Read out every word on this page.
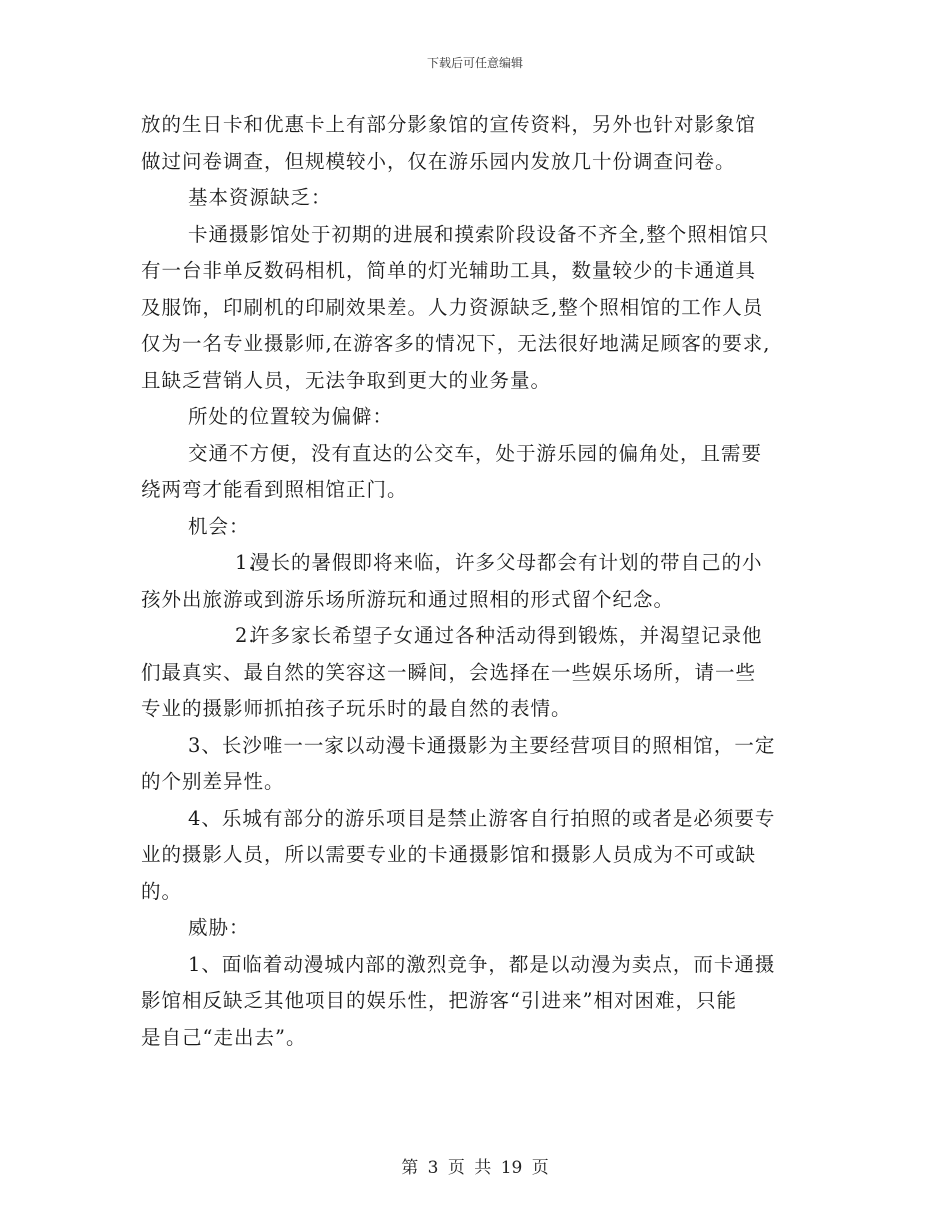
下载后可任意编辑

放的生日卡和优惠卡上有部分影象馆的宣传资料，另外也针对影象馆
做过问卷调查，但规模较小，仅在游乐园内发放几十份调查问卷。

基本资源缺乏：

卡通摄影馆处于初期的进展和摸索阶段设备不齐全,整个照相馆只
有一台非单反数码相机，简单的灯光辅助工具，数量较少的卡通道具
及服饰，印刷机的印刷效果差。人力资源缺乏,整个照相馆的工作人员
仅为一名专业摄影师,在游客多的情况下，无法很好地满足顾客的要求,
且缺乏营销人员，无法争取到更大的业务量。

所处的位置较为偏僻：

交通不方便，没有直达的公交车，处于游乐园的偏角处，且需要
绕两弯才能看到照相馆正门。

机会：

1.漫长的暑假即将来临，许多父母都会有计划的带自己的小
孩外出旅游或到游乐场所游玩和通过照相的形式留个纪念。

2.许多家长希望子女通过各种活动得到锻炼，并渴望记录他
们最真实、最自然的笑容这一瞬间，会选择在一些娱乐场所，请一些
专业的摄影师抓拍孩子玩乐时的最自然的表情。

3、长沙唯一一家以动漫卡通摄影为主要经营项目的照相馆，一定
的个别差异性。

4、乐城有部分的游乐项目是禁止游客自行拍照的或者是必须要专
业的摄影人员，所以需要专业的卡通摄影馆和摄影人员成为不可或缺
的。

威胁：

1、面临着动漫城内部的激烈竞争，都是以动漫为卖点，而卡通摄
影馆相反缺乏其他项目的娱乐性，把游客“引进来”相对困难，只能
是自己“走出去”。

第 3 页 共 19 页
